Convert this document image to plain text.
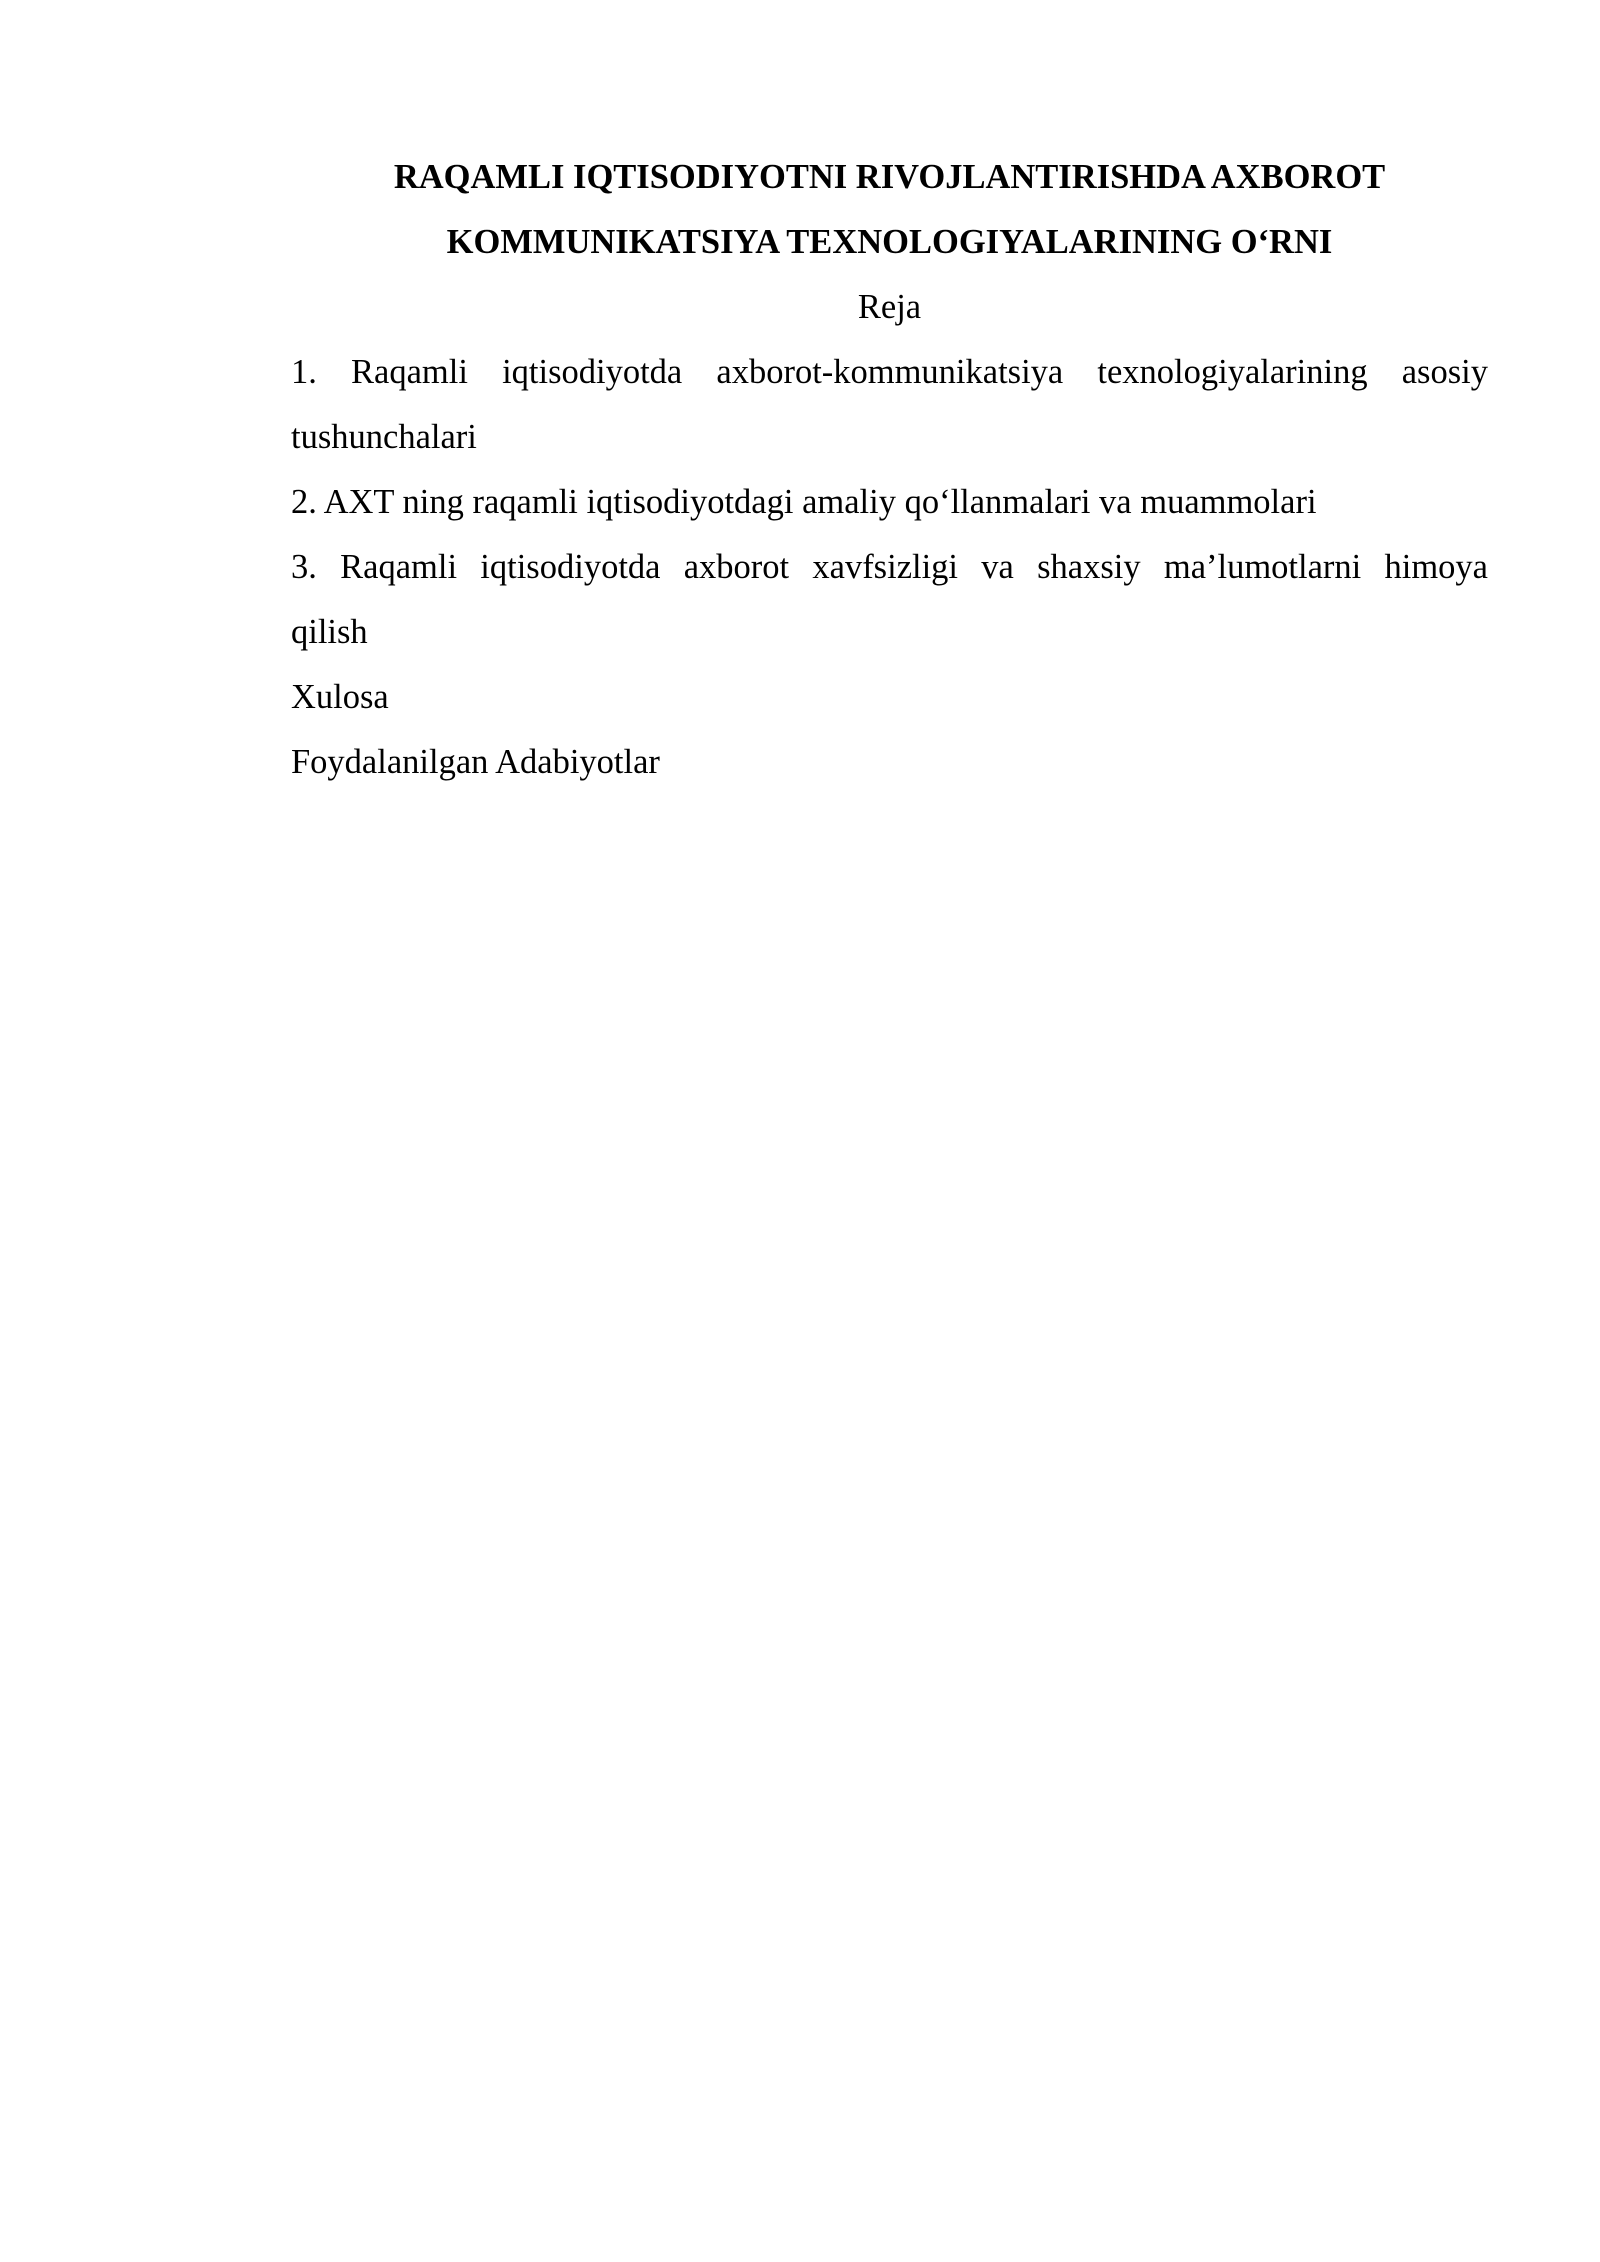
RAQAMLI IQTISODIYOTNI RIVOJLANTIRISHDA AXBOROT
KOMMUNIKATSIYA TEXNOLOGIYALARINING O‘RNI

Reja

1. Raqamli iqtisodiyotda axborot-kommunikatsiya texnologiyalarining asosiy
tushunchalari
2. AXT ning raqamli iqtisodiyotdagi amaliy qo‘llanmalari va muammolari
3. Raqamli iqtisodiyotda axborot xavfsizligi va shaxsiy ma’lumotlarni himoya
qilish
Xulosa
Foydalanilgan Adabiyotlar
